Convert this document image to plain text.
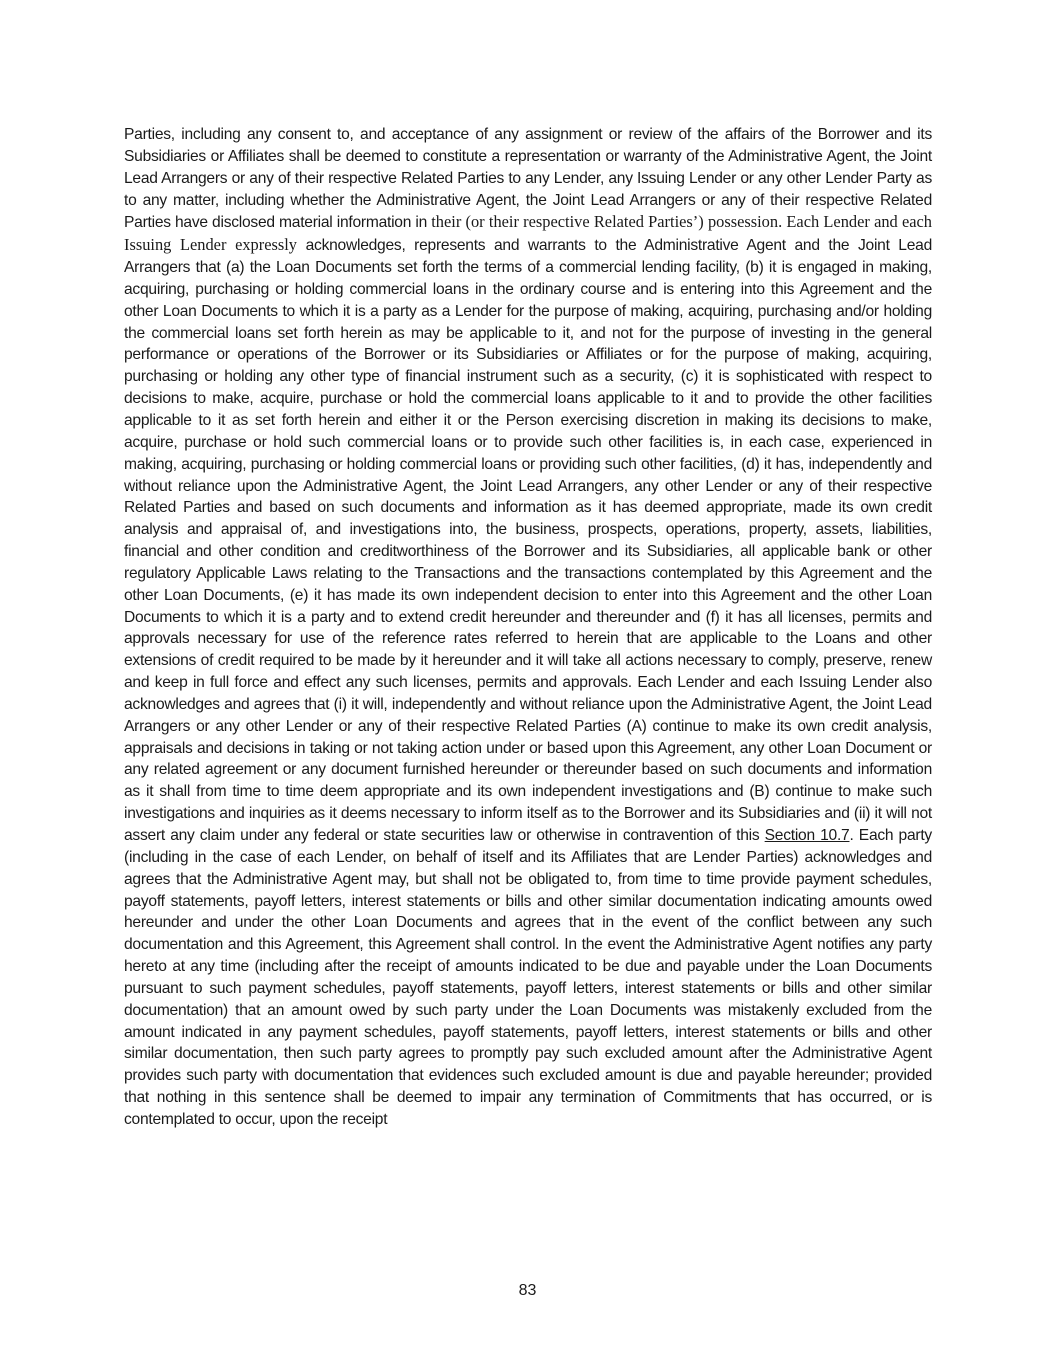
Parties, including any consent to, and acceptance of any assignment or review of the affairs of the Borrower and its Subsidiaries or Affiliates shall be deemed to constitute a representation or warranty of the Administrative Agent, the Joint Lead Arrangers or any of their respective Related Parties to any Lender, any Issuing Lender or any other Lender Party as to any matter, including whether the Administrative Agent, the Joint Lead Arrangers or any of their respective Related Parties have disclosed material information in their (or their respective Related Parties’) possession. Each Lender and each Issuing Lender expressly acknowledges, represents and warrants to the Administrative Agent and the Joint Lead Arrangers that (a) the Loan Documents set forth the terms of a commercial lending facility, (b) it is engaged in making, acquiring, purchasing or holding commercial loans in the ordinary course and is entering into this Agreement and the other Loan Documents to which it is a party as a Lender for the purpose of making, acquiring, purchasing and/or holding the commercial loans set forth herein as may be applicable to it, and not for the purpose of investing in the general performance or operations of the Borrower or its Subsidiaries or Affiliates or for the purpose of making, acquiring, purchasing or holding any other type of financial instrument such as a security, (c) it is sophisticated with respect to decisions to make, acquire, purchase or hold the commercial loans applicable to it and to provide the other facilities applicable to it as set forth herein and either it or the Person exercising discretion in making its decisions to make, acquire, purchase or hold such commercial loans or to provide such other facilities is, in each case, experienced in making, acquiring, purchasing or holding commercial loans or providing such other facilities, (d) it has, independently and without reliance upon the Administrative Agent, the Joint Lead Arrangers, any other Lender or any of their respective Related Parties and based on such documents and information as it has deemed appropriate, made its own credit analysis and appraisal of, and investigations into, the business, prospects, operations, property, assets, liabilities, financial and other condition and creditworthiness of the Borrower and its Subsidiaries, all applicable bank or other regulatory Applicable Laws relating to the Transactions and the transactions contemplated by this Agreement and the other Loan Documents, (e) it has made its own independent decision to enter into this Agreement and the other Loan Documents to which it is a party and to extend credit hereunder and thereunder and (f) it has all licenses, permits and approvals necessary for use of the reference rates referred to herein that are applicable to the Loans and other extensions of credit required to be made by it hereunder and it will take all actions necessary to comply, preserve, renew and keep in full force and effect any such licenses, permits and approvals. Each Lender and each Issuing Lender also acknowledges and agrees that (i) it will, independently and without reliance upon the Administrative Agent, the Joint Lead Arrangers or any other Lender or any of their respective Related Parties (A) continue to make its own credit analysis, appraisals and decisions in taking or not taking action under or based upon this Agreement, any other Loan Document or any related agreement or any document furnished hereunder or thereunder based on such documents and information as it shall from time to time deem appropriate and its own independent investigations and (B) continue to make such investigations and inquiries as it deems necessary to inform itself as to the Borrower and its Subsidiaries and (ii) it will not assert any claim under any federal or state securities law or otherwise in contravention of this Section 10.7. Each party (including in the case of each Lender, on behalf of itself and its Affiliates that are Lender Parties) acknowledges and agrees that the Administrative Agent may, but shall not be obligated to, from time to time provide payment schedules, payoff statements, payoff letters, interest statements or bills and other similar documentation indicating amounts owed hereunder and under the other Loan Documents and agrees that in the event of the conflict between any such documentation and this Agreement, this Agreement shall control. In the event the Administrative Agent notifies any party hereto at any time (including after the receipt of amounts indicated to be due and payable under the Loan Documents pursuant to such payment schedules, payoff statements, payoff letters, interest statements or bills and other similar documentation) that an amount owed by such party under the Loan Documents was mistakenly excluded from the amount indicated in any payment schedules, payoff statements, payoff letters, interest statements or bills and other similar documentation, then such party agrees to promptly pay such excluded amount after the Administrative Agent provides such party with documentation that evidences such excluded amount is due and payable hereunder; provided that nothing in this sentence shall be deemed to impair any termination of Commitments that has occurred, or is contemplated to occur, upon the receipt

83
